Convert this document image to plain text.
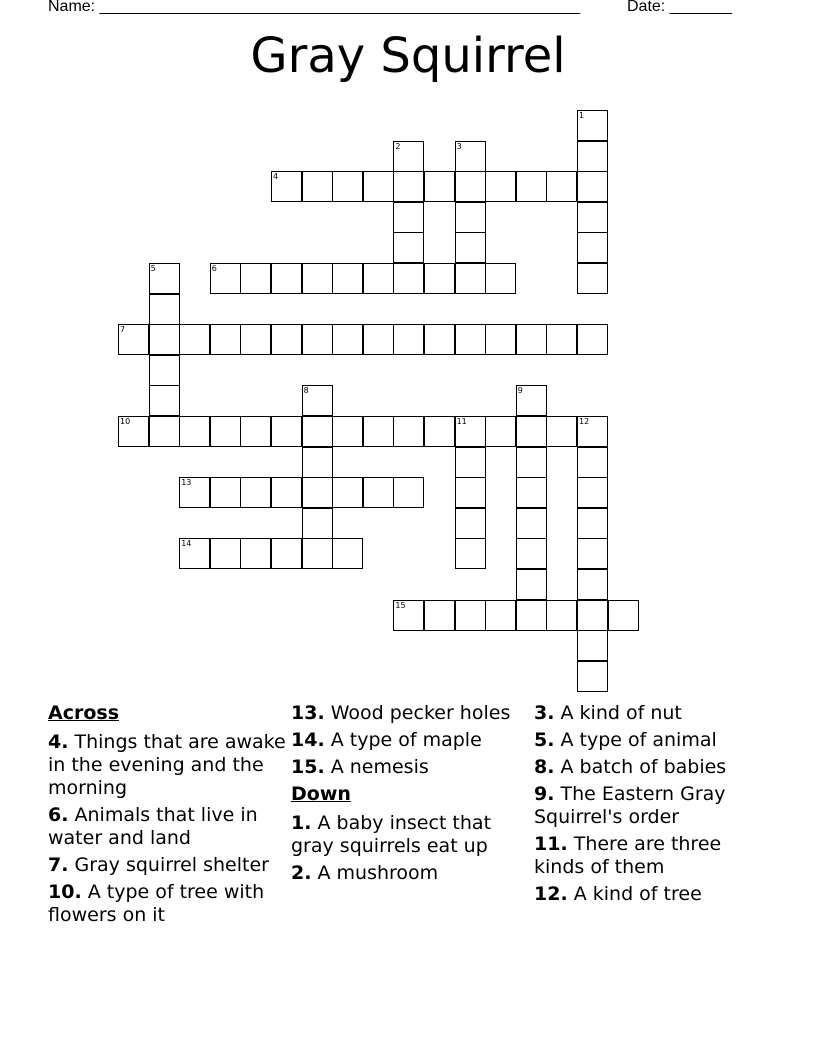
Name: ______________________________________________________	Date: _______
Gray Squirrel
1
2	3
4
5	6
7
8	9
10	11	12
13
14
15
Across
4. Things that are awake in the evening and the morning
6. Animals that live in water and land
7. Gray squirrel shelter
10. A type of tree with flowers on it
13. Wood pecker holes
14. A type of maple
15. A nemesis
Down
1. A baby insect that gray squirrels eat up
2. A mushroom
3. A kind of nut
5. A type of animal
8. A batch of babies
9. The Eastern Gray Squirrel's order
11. There are three kinds of them
12. A kind of tree
